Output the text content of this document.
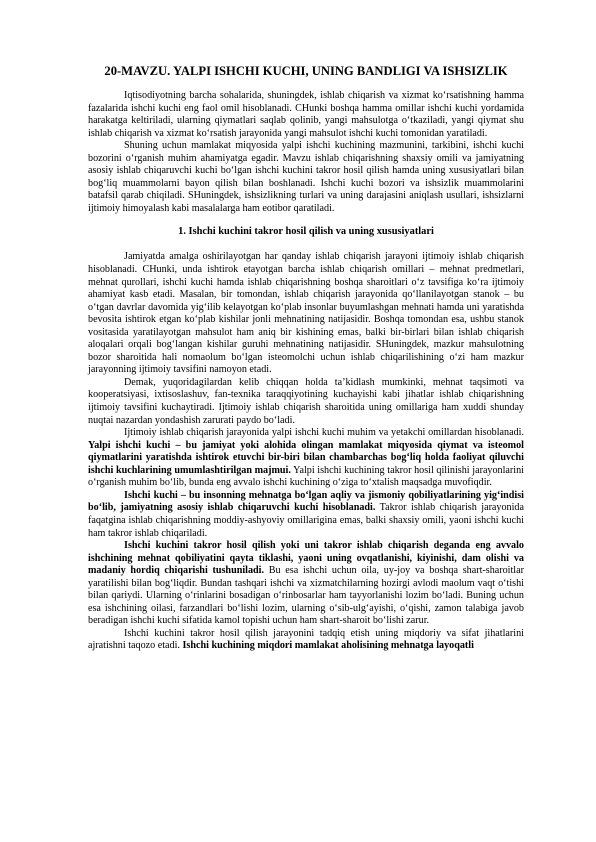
20-MAVZU. YALPI ISHCHI KUCHI, UNING BANDLIGI VA ISHSIZLIK

Iqtisodiyotning barcha sohalarida, shuningdek, ishlab chiqarish va xizmat ko‘rsatishning hamma fazalarida ishchi kuchi eng faol omil hisoblanadi. CHunki boshqa hamma omillar ishchi kuchi yordamida harakatga keltiriladi, ularning qiymatlari saqlab qolinib, yangi mahsulotga o‘tkaziladi, yangi qiymat shu ishlab chiqarish va xizmat ko‘rsatish jarayonida yangi mahsulot ishchi kuchi tomonidan yaratiladi.

Shuning uchun mamlakat miqyosida yalpi ishchi kuchining mazmunini, tarkibini, ishchi kuchi bozorini o‘rganish muhim ahamiyatga egadir. Mavzu ishlab chiqarishning shaxsiy omili va jamiyatning asosiy ishlab chiqaruvchi kuchi bo‘lgan ishchi kuchini takror hosil qilish hamda uning xususiyatlari bilan bog‘liq muammolarni bayon qilish bilan boshlanadi. Ishchi kuchi bozori va ishsizlik muammolarini batafsil qarab chiqiladi. SHuningdek, ishsizlikning turlari va uning darajasini aniqlash usullari, ishsizlarni ijtimoiy himoyalash kabi masalalarga ham eotibor qaratiladi.

1. Ishchi kuchini takror hosil qilish va uning xususiyatlari

Jamiyatda amalga oshirilayotgan har qanday ishlab chiqarish jarayoni ijtimoiy ishlab chiqarish hisoblanadi. CHunki, unda ishtirok etayotgan barcha ishlab chiqarish omillari – mehnat predmetlari, mehnat qurollari, ishchi kuchi hamda ishlab chiqarishning boshqa sharoitlari o‘z tavsifiga ko‘ra ijtimoiy ahamiyat kasb etadi. Masalan, bir tomondan, ishlab chiqarish jarayonida qo‘llanilayotgan stanok – bu o‘tgan davrlar davomida yig‘ilib kelayotgan ko‘plab insonlar buyumlashgan mehnati hamda uni yaratishda bevosita ishtirok etgan ko‘plab kishilar jonli mehnatining natijasidir. Boshqa tomondan esa, ushbu stanok vositasida yaratilayotgan mahsulot ham aniq bir kishining emas, balki bir-birlari bilan ishlab chiqarish aloqalari orqali bog‘langan kishilar guruhi mehnatining natijasidir. SHuningdek, mazkur mahsulotning bozor sharoitida hali nomaolum bo‘lgan isteomolchi uchun ishlab chiqarilishining o‘zi ham mazkur jarayonning ijtimoiy tavsifini namoyon etadi.

Demak, yuqoridagilardan kelib chiqqan holda ta’kidlash mumkinki, mehnat taqsimoti va kooperatsiyasi, ixtisoslashuv, fan-texnika taraqqiyotining kuchayishi kabi jihatlar ishlab chiqarishning ijtimoiy tavsifini kuchaytiradi. Ijtimoiy ishlab chiqarish sharoitida uning omillariga ham xuddi shunday nuqtai nazardan yondashish zarurati paydo bo‘ladi.

Ijtimoiy ishlab chiqarish jarayonida yalpi ishchi kuchi muhim va yetakchi omillardan hisoblanadi. Yalpi ishchi kuchi – bu jamiyat yoki alohida olingan mamlakat miqyosida qiymat va isteomol qiymatlarini yaratishda ishtirok etuvchi bir-biri bilan chambarchas bog‘liq holda faoliyat qiluvchi ishchi kuchlarining umumlashtirilgan majmui. Yalpi ishchi kuchining takror hosil qilinishi jarayonlarini o‘rganish muhim bo‘lib, bunda eng avvalo ishchi kuchining o‘ziga to‘xtalish maqsadga muvofiqdir.

Ishchi kuchi – bu insonning mehnatga bo‘lgan aqliy va jismoniy qobiliyatlarining yig‘indisi bo‘lib, jamiyatning asosiy ishlab chiqaruvchi kuchi hisoblanadi. Takror ishlab chiqarish jarayonida faqatgina ishlab chiqarishning moddiy-ashyoviy omillarigina emas, balki shaxsiy omili, yaoni ishchi kuchi ham takror ishlab chiqariladi.

Ishchi kuchini takror hosil qilish yoki uni takror ishlab chiqarish deganda eng avvalo ishchining mehnat qobiliyatini qayta tiklashi, yaoni uning ovqatlanishi, kiyinishi, dam olishi va madaniy hordiq chiqarishi tushuniladi. Bu esa ishchi uchun oila, uy-joy va boshqa shart-sharoitlar yaratilishi bilan bog‘liqdir. Bundan tashqari ishchi va xizmatchilarning hozirgi avlodi maolum vaqt o‘tishi bilan qariydi. Ularning o‘rinlarini bosadigan o‘rinbosarlar ham tayyorlanishi lozim bo‘ladi. Buning uchun esa ishchining oilasi, farzandlari bo‘lishi lozim, ularning o‘sib-ulg‘ayishi, o‘qishi, zamon talabiga javob beradigan ishchi kuchi sifatida kamol topishi uchun ham shart-sharoit bo‘lishi zarur.

Ishchi kuchini takror hosil qilish jarayonini tadqiq etish uning miqdoriy va sifat jihatlarini ajratishni taqozo etadi. Ishchi kuchining miqdori mamlakat aholisining mehnatga layoqatli
